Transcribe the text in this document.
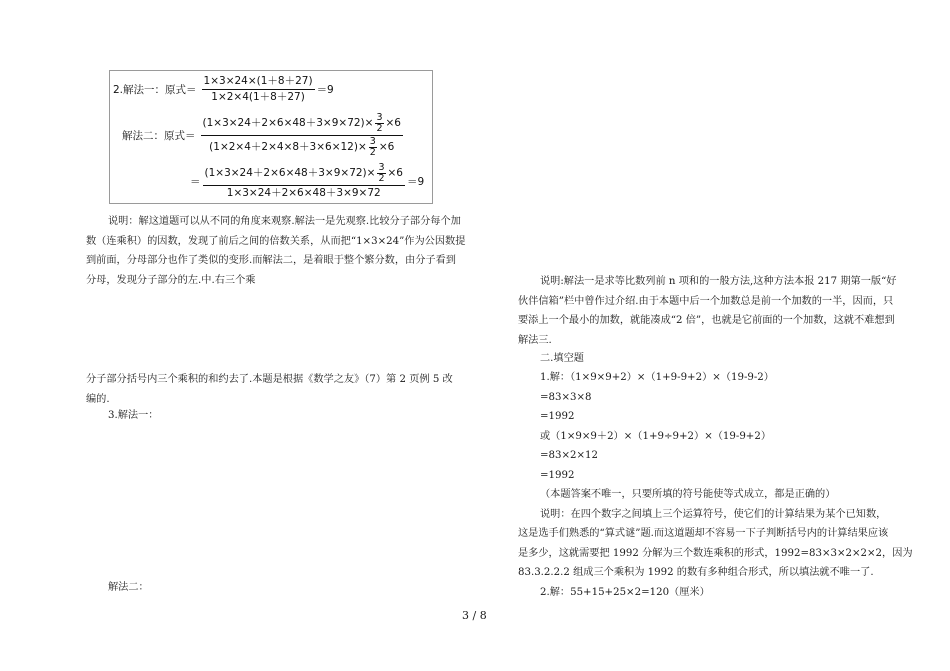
2.解法一：原式＝ $\frac{1\times 3\times 24\times(1+8+27)}{1\times 2\times 4(1+8+27)} =9$
解法二：原式＝
$(1\times 3\times 24+2\times 6\times 48+3\times 9\times 72)\times \frac{3}{2} \times 6$
$(1\times 2\times 4+2\times 4\times 8+3\times 6\times 12)\times \frac{3}{2} \times 6$
＝
$(1\times 3\times 24+2\times 6\times 48+3\times 9\times 72)\times \frac{3}{2} \times 6$
1×3×24＋2×6×48＋3×9×72
＝9
说明：解这道题可以从不同的角度来观察.解法一是先观察.比较分子部分每个加
数（连乘积）的因数，发现了前后之间的倍数关系，从而把“1×3×24”作为公因数提
到前面，分母部分也作了类似的变形.而解法二，是着眼于整个繁分数，由分子看到
分母，发现分子部分的左.中.右三个乘
分子部分括号内三个乘积的和约去了.本题是根据《数学之友》（7）第 2 页例 5 改
编的.
3.解法一：
解法二：
说明:解法一是求等比数列前 n 项和的一般方法,这种方法本报 217 期第一版“好
伙伴信箱”栏中曾作过介绍.由于本题中后一个加数总是前一个加数的一半，因而，只
要添上一个最小的加数，就能凑成“2 倍”，也就是它前面的一个加数，这就不难想到
解法三.
二.填空题
1.解：（1×9×9+2）×（1+9-9+2）×（19-9-2）
=83×3×8
=1992
或（1×9×9＋2）×（1+9÷9+2）×（19-9+2）
=83×2×12
=1992
（本题答案不唯一，只要所填的符号能使等式成立，都是正确的）
说明：在四个数字之间填上三个运算符号，使它们的计算结果为某个已知数，
这是选手们熟悉的“算式谜”题.而这道题却不容易一下子判断括号内的计算结果应该
是多少，这就需要把 1992 分解为三个数连乘积的形式，1992=83×3×2×2×2，因为
83.3.2.2.2 组成三个乘积为 1992 的数有多种组合形式，所以填法就不唯一了.
2.解：55+15+25×2=120（厘米）
3 / 8
